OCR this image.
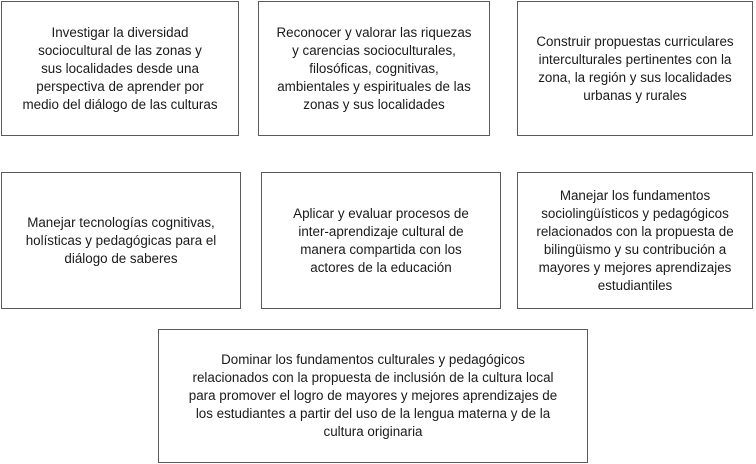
Investigar la diversidad
sociocultural de las zonas y
sus localidades desde una
perspectiva de aprender por
medio del diálogo de las culturas
Reconocer y valorar las riquezas
y carencias socioculturales,
filosóficas, cognitivas,
ambientales y espirituales de las
zonas y sus localidades
Construir propuestas curriculares
interculturales pertinentes con la
zona, la región y sus localidades
urbanas y rurales
Manejar tecnologías cognitivas,
holísticas y pedagógicas para el
diálogo de saberes
Aplicar y evaluar procesos de
inter-aprendizaje cultural de
manera compartida con los
actores de la educación
Manejar los fundamentos
sociolingüísticos y pedagógicos
relacionados con la propuesta de
bilingüismo y su contribución a
mayores y mejores aprendizajes
estudiantiles
Dominar los fundamentos culturales y pedagógicos
relacionados con la propuesta de inclusión de la cultura local
para promover el logro de mayores y mejores aprendizajes de
los estudiantes a partir del uso de la lengua materna y de la
cultura originaria
